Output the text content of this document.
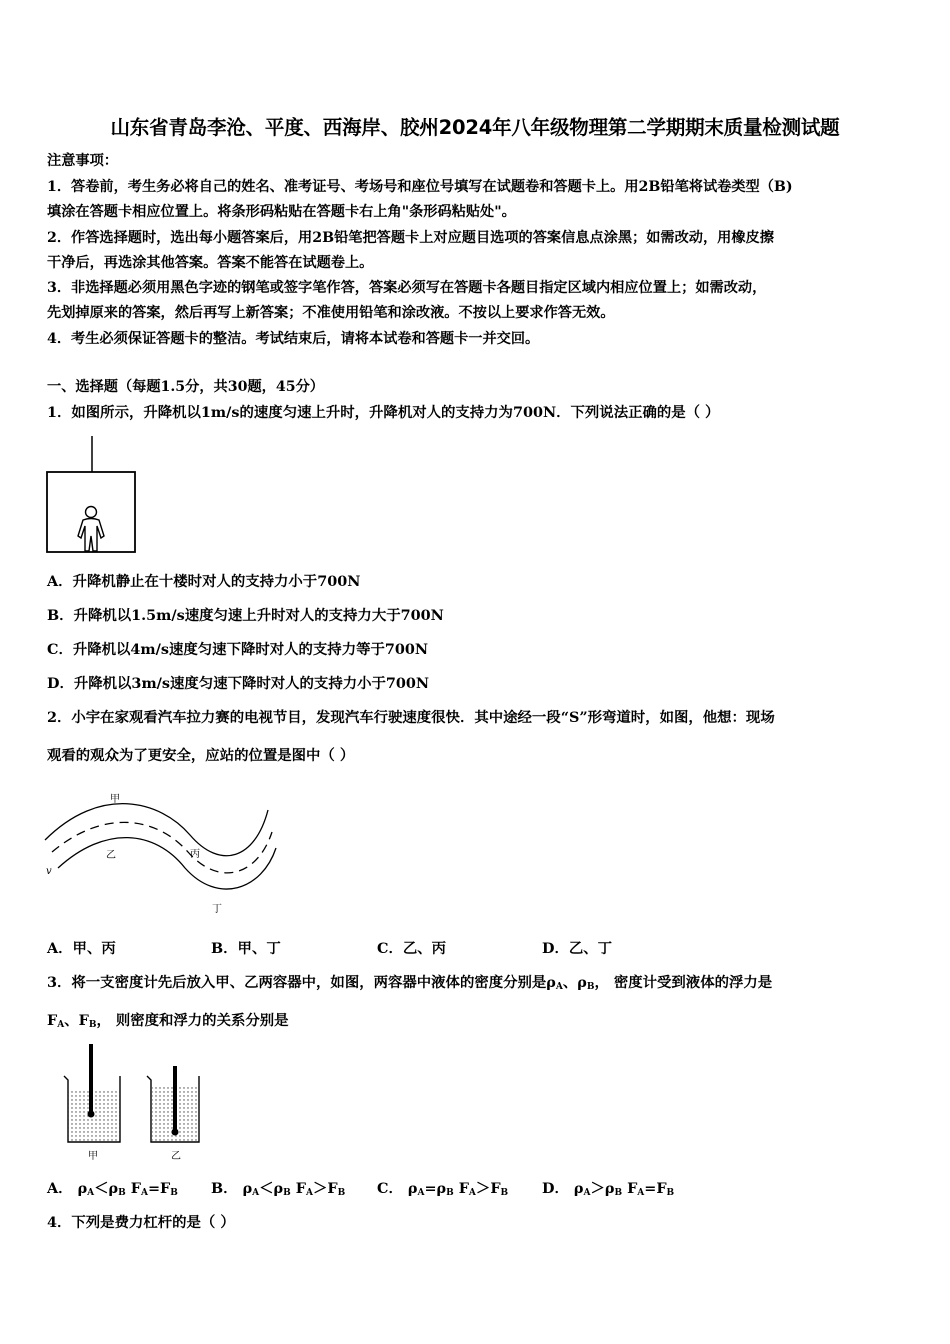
山东省青岛李沧、平度、西海岸、胶州2024年八年级物理第二学期期末质量检测试题
注意事项：
1．答卷前，考生务必将自己的姓名、准考证号、考场号和座位号填写在试题卷和答题卡上。用2B铅笔将试卷类型（B)
填涂在答题卡相应位置上。将条形码粘贴在答题卡右上角"条形码粘贴处"。
2．作答选择题时，选出每小题答案后，用2B铅笔把答题卡上对应题目选项的答案信息点涂黑；如需改动，用橡皮擦
干净后，再选涂其他答案。答案不能答在试题卷上。
3．非选择题必须用黑色字迹的钢笔或签字笔作答，答案必须写在答题卡各题目指定区域内相应位置上；如需改动，
先划掉原来的答案，然后再写上新答案；不准使用铅笔和涂改液。不按以上要求作答无效。
4．考生必须保证答题卡的整洁。考试结束后，请将本试卷和答题卡一并交回。
一、选择题（每题1.5分，共30题，45分）
1．如图所示，升降机以1m/s的速度匀速上升时，升降机对人的支持力为700N．下列说法正确的是（ ）
A．升降机静止在十楼时对人的支持力小于700N
B．升降机以1.5m/s速度匀速上升时对人的支持力大于700N
C．升降机以4m/s速度匀速下降时对人的支持力等于700N
D．升降机以3m/s速度匀速下降时对人的支持力小于700N
2．小宇在家观看汽车拉力赛的电视节目，发现汽车行驶速度很快．其中途经一段“S”形弯道时，如图，他想：现场
观看的观众为了更安全，应站的位置是图中（ ）
甲
乙	丙
丁
v
A．甲、丙	B．甲、丁	C．乙、丙	D．乙、丁
3．将一支密度计先后放入甲、乙两容器中，如图，两容器中液体的密度分别是$\rho_A$、$\rho_B$， 密度计受到液体的浮力是
$F_A$、$F_B$， 则密度和浮力的关系分别是
甲	乙
A． $\rho_A<\rho_B$ $F_A=F_B$ B． $\rho_A<\rho_B$ $F_A>F_B$ C． $\rho_A=\rho_B$ $F_A>F_B$ D． $\rho_A>\rho_B$ $F_A=F_B$
4．下列是费力杠杆的是（ ）
